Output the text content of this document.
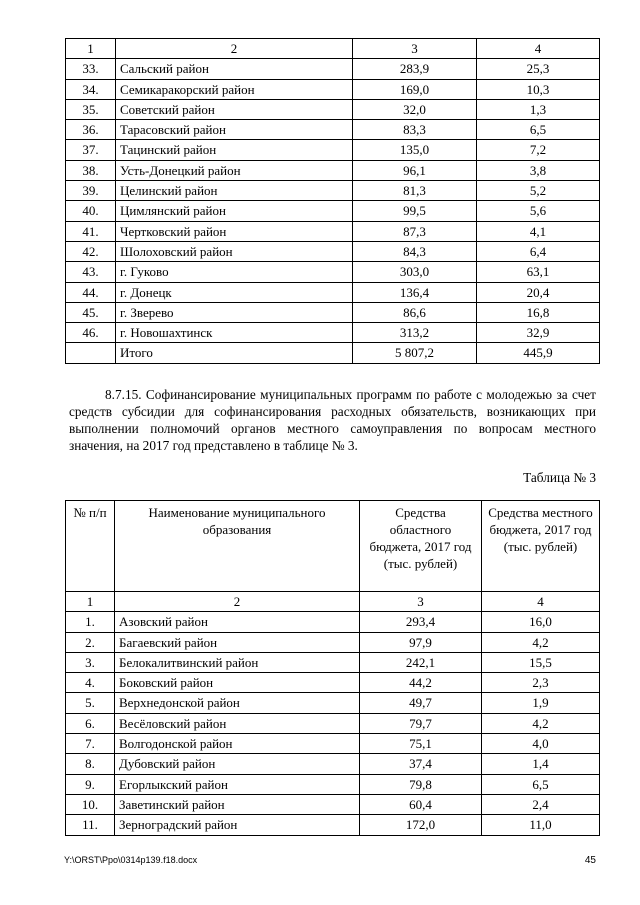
1	2	3	4
33.	Сальский район	283,9	25,3
34.	Семикаракорский район	169,0	10,3
35.	Советский район	32,0	1,3
36.	Тарасовский район	83,3	6,5
37.	Тацинский район	135,0	7,2
38.	Усть-Донецкий район	96,1	3,8
39.	Целинский район	81,3	5,2
40.	Цимлянский район	99,5	5,6
41.	Чертковский район	87,3	4,1
42.	Шолоховский район	84,3	6,4
43.	г. Гуково	303,0	63,1
44.	г. Донецк	136,4	20,4
45.	г. Зверево	86,6	16,8
46.	г. Новошахтинск	313,2	32,9
	Итого	5 807,2	445,9

8.7.15. Софинансирование муниципальных программ по работе с молодежью за счет средств субсидии для софинансирования расходных обязательств, возникающих при выполнении полномочий органов местного самоуправления по вопросам местного значения, на 2017 год представлено в таблице № 3.

Таблица № 3
№ п/п	Наименование муниципального образования	Средства областного бюджета, 2017 год (тыс. рублей)	Средства местного бюджета, 2017 год (тыс. рублей)
1	2	3	4
1.	Азовский район	293,4	16,0
2.	Багаевский район	97,9	4,2
3.	Белокалитвинский район	242,1	15,5
4.	Боковский район	44,2	2,3
5.	Верхнедонской район	49,7	1,9
6.	Весёловский район	79,7	4,2
7.	Волгодонской район	75,1	4,0
8.	Дубовский район	37,4	1,4
9.	Егорлыкский район	79,8	6,5
10.	Заветинский район	60,4	2,4
11.	Зерноградский район	172,0	11,0
Y:\ORST\Ppo\0314p139.f18.docx	45
